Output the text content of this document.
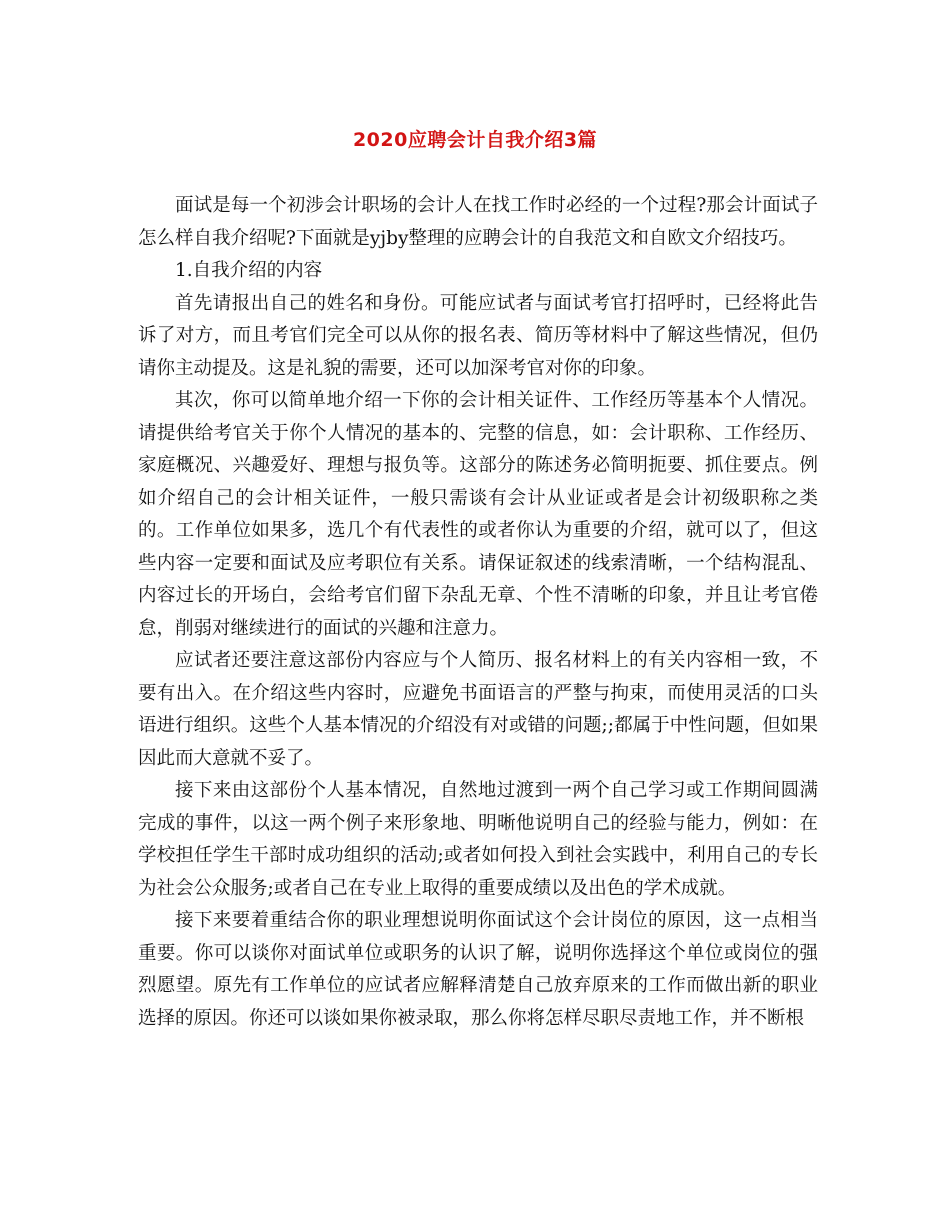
2020应聘会计自我介绍3篇

面试是每一个初涉会计职场的会计人在找工作时必经的一个过程?那会计面试子怎么样自我介绍呢?下面就是yjby整理的应聘会计的自我范文和自欧文介绍技巧。

1.自我介绍的内容

首先请报出自己的姓名和身份。可能应试者与面试考官打招呼时，已经将此告诉了对方，而且考官们完全可以从你的报名表、简历等材料中了解这些情况，但仍请你主动提及。这是礼貌的需要，还可以加深考官对你的印象。

其次，你可以简单地介绍一下你的会计相关证件、工作经历等基本个人情况。请提供给考官关于你个人情况的基本的、完整的信息，如：会计职称、工作经历、家庭概况、兴趣爱好、理想与报负等。这部分的陈述务必简明扼要、抓住要点。例如介绍自己的会计相关证件，一般只需谈有会计从业证或者是会计初级职称之类的。工作单位如果多，选几个有代表性的或者你认为重要的介绍，就可以了，但这些内容一定要和面试及应考职位有关系。请保证叙述的线索清晰，一个结构混乱、内容过长的开场白，会给考官们留下杂乱无章、个性不清晰的印象，并且让考官倦怠，削弱对继续进行的面试的兴趣和注意力。

应试者还要注意这部份内容应与个人简历、报名材料上的有关内容相一致，不要有出入。在介绍这些内容时，应避免书面语言的严整与拘束，而使用灵活的口头语进行组织。这些个人基本情况的介绍没有对或错的问题;;都属于中性问题，但如果因此而大意就不妥了。

接下来由这部份个人基本情况，自然地过渡到一两个自己学习或工作期间圆满完成的事件，以这一两个例子来形象地、明晰他说明自己的经验与能力，例如：在学校担任学生干部时成功组织的活动;或者如何投入到社会实践中，利用自己的专长为社会公众服务;或者自己在专业上取得的重要成绩以及出色的学术成就。

接下来要着重结合你的职业理想说明你面试这个会计岗位的原因，这一点相当重要。你可以谈你对面试单位或职务的认识了解，说明你选择这个单位或岗位的强烈愿望。原先有工作单位的应试者应解释清楚自己放弃原来的工作而做出新的职业选择的原因。你还可以谈如果你被录取，那么你将怎样尽职尽责地工作，并不断根
